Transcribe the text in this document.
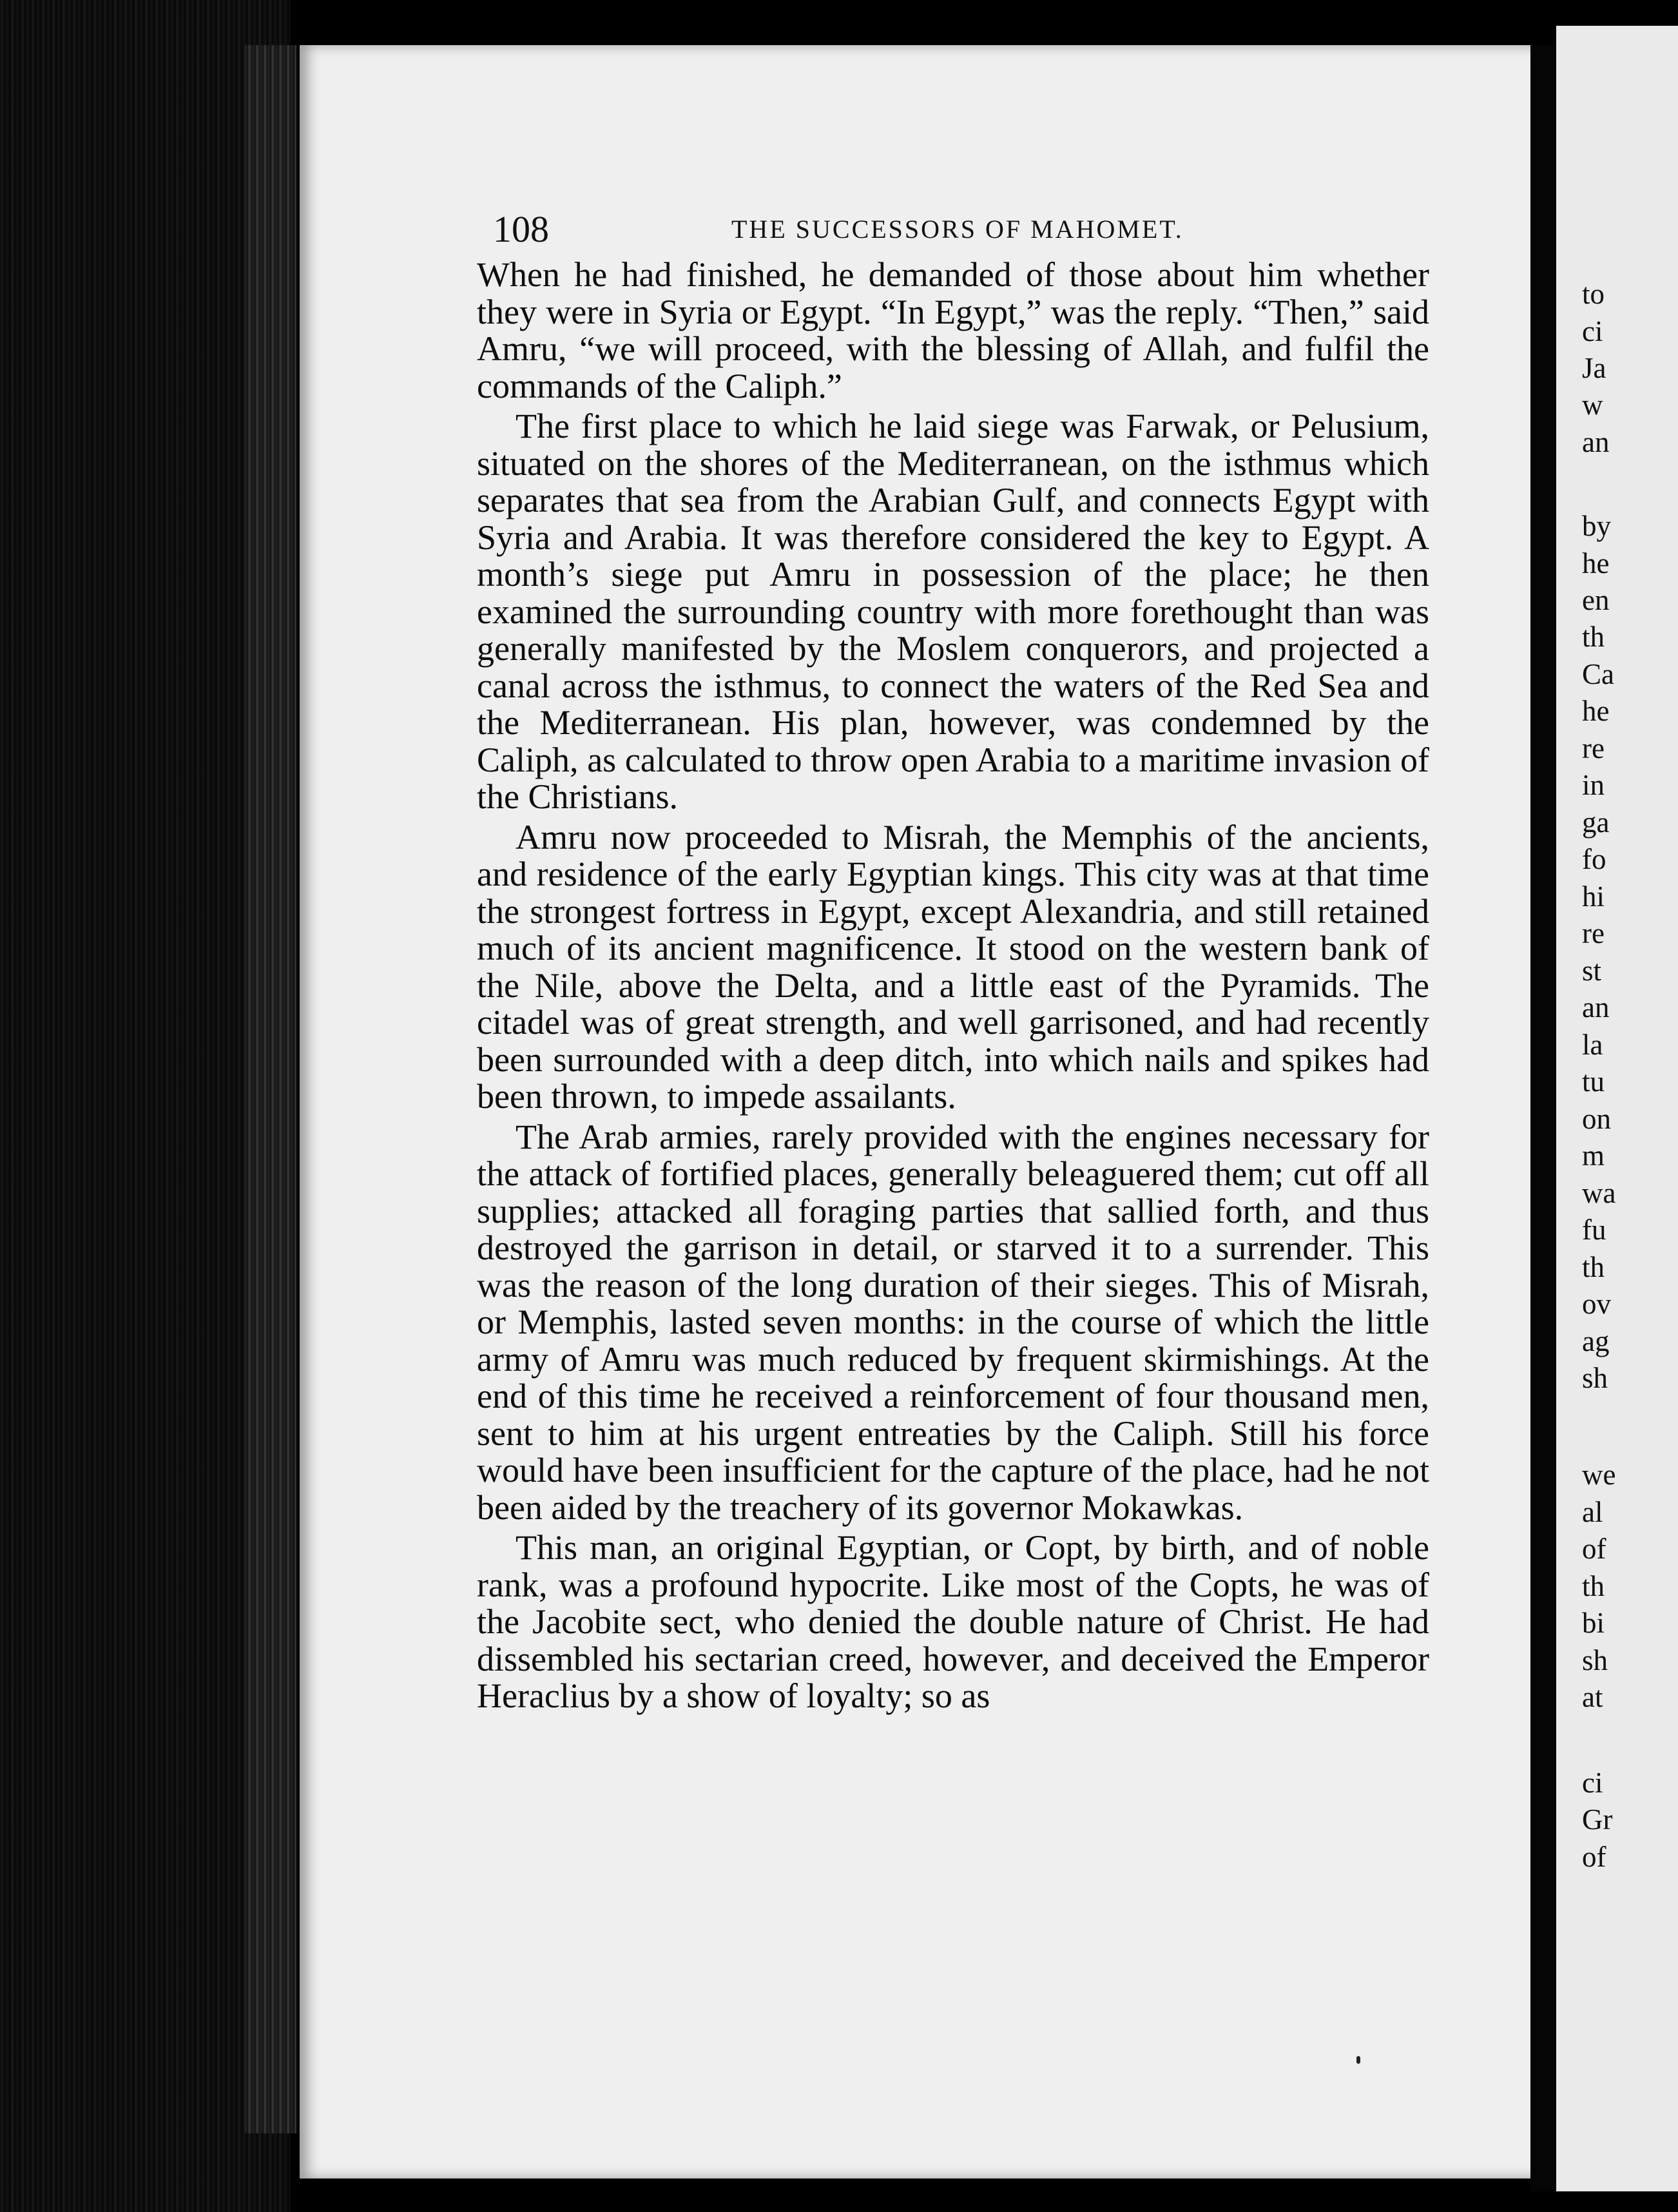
108	THE SUCCESSORS OF MAHOMET.

When he had finished, he demanded of those about him whether they were in Syria or Egypt. “In Egypt,” was the reply. “Then,” said Amru, “we will proceed, with the blessing of Allah, and fulfil the commands of the Caliph.”

The first place to which he laid siege was Farwak, or Pelusium, situated on the shores of the Mediterranean, on the isthmus which separates that sea from the Arabian Gulf, and connects Egypt with Syria and Arabia. It was therefore considered the key to Egypt. A month’s siege put Amru in possession of the place; he then examined the surrounding country with more forethought than was generally manifested by the Moslem conquerors, and projected a canal across the isthmus, to connect the waters of the Red Sea and the Mediterranean. His plan, however, was condemned by the Caliph, as calculated to throw open Arabia to a maritime invasion of the Christians.

Amru now proceeded to Misrah, the Memphis of the ancients, and residence of the early Egyptian kings. This city was at that time the strongest fortress in Egypt, except Alexandria, and still retained much of its ancient magnificence. It stood on the western bank of the Nile, above the Delta, and a little east of the Pyramids. The citadel was of great strength, and well garrisoned, and had recently been surrounded with a deep ditch, into which nails and spikes had been thrown, to impede assailants.

The Arab armies, rarely provided with the engines necessary for the attack of fortified places, generally beleaguered them; cut off all supplies; attacked all foraging parties that sallied forth, and thus destroyed the garrison in detail, or starved it to a surrender. This was the reason of the long duration of their sieges. This of Misrah, or Memphis, lasted seven months: in the course of which the little army of Amru was much reduced by frequent skirmishings. At the end of this time he received a reinforcement of four thousand men, sent to him at his urgent entreaties by the Caliph. Still his force would have been insufficient for the capture of the place, had he not been aided by the treachery of its governor Mokawkas.

This man, an original Egyptian, or Copt, by birth, and of noble rank, was a profound hypocrite. Like most of the Copts, he was of the Jacobite sect, who denied the double nature of Christ. He had dissembled his sectarian creed, however, and deceived the Emperor Heraclius by a show of loyalty; so as

to
ci
Ja
w
an
by
he
en
th
Ca
he
re
in
ga
fo
hi
re
st
an
la
tu
on
m
wa
fu
th
ov
ag
sh
we
al
of
th
bi
sh
at
ci
Gr
of
